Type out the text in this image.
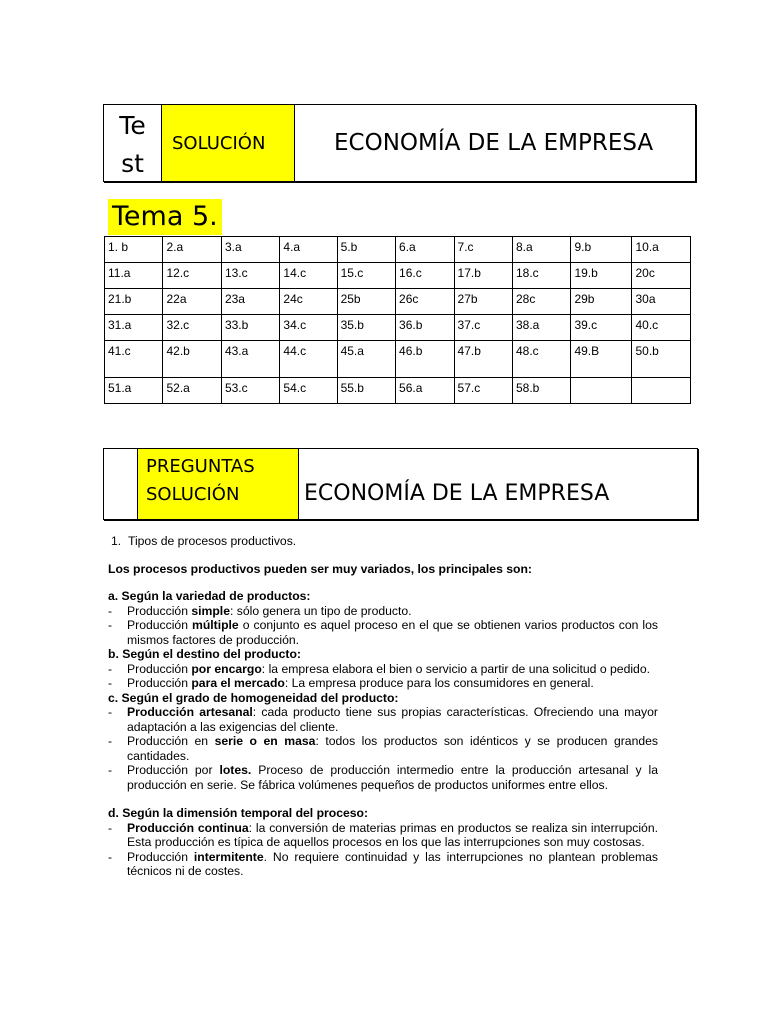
Te st
SOLUCIÓN	ECONOMÍA DE LA EMPRESA
Tema 5.
1. b	2.a	3.a	4.a	5.b	6.a	7.c	8.a	9.b	10.a
11.a	12.c	13.c	14.c	15.c	16.c	17.b	18.c	19.b	20c
21.b	22a	23a	24c	25b	26c	27b	28c	29b	30a
31.a	32.c	33.b	34.c	35.b	36.b	37.c	38.a	39.c	40.c
41.c	42.b	43.a	44.c	45.a	46.b	47.b	48.c	49.B	50.b
51.a	52.a	53.c	54.c	55.b	56.a	57.c	58.b		
PREGUNTAS
SOLUCIÓN	ECONOMÍA DE LA EMPRESA

1. Tipos de procesos productivos.

Los procesos productivos pueden ser muy variados, los principales son:

a. Según la variedad de productos:

- Producción simple: sólo genera un tipo de producto.

- Producción múltiple o conjunto es aquel proceso en el que se obtienen varios productos con los mismos factores de producción.

b. Según el destino del producto:

- Producción por encargo: la empresa elabora el bien o servicio a partir de una solicitud o pedido.

- Producción para el mercado: La empresa produce para los consumidores en general.

c. Según el grado de homogeneidad del producto:

- Producción artesanal: cada producto tiene sus propias características. Ofreciendo una mayor adaptación a las exigencias del cliente.

- Producción en serie o en masa: todos los productos son idénticos y se producen grandes cantidades.

- Producción por lotes. Proceso de producción intermedio entre la producción artesanal y la producción en serie. Se fábrica volúmenes pequeños de productos uniformes entre ellos.

d. Según la dimensión temporal del proceso:

- Producción continua: la conversión de materias primas en productos se realiza sin interrupción. Esta producción es típica de aquellos procesos en los que las interrupciones son muy costosas.

- Producción intermitente. No requiere continuidad y las interrupciones no plantean problemas técnicos ni de costes.
